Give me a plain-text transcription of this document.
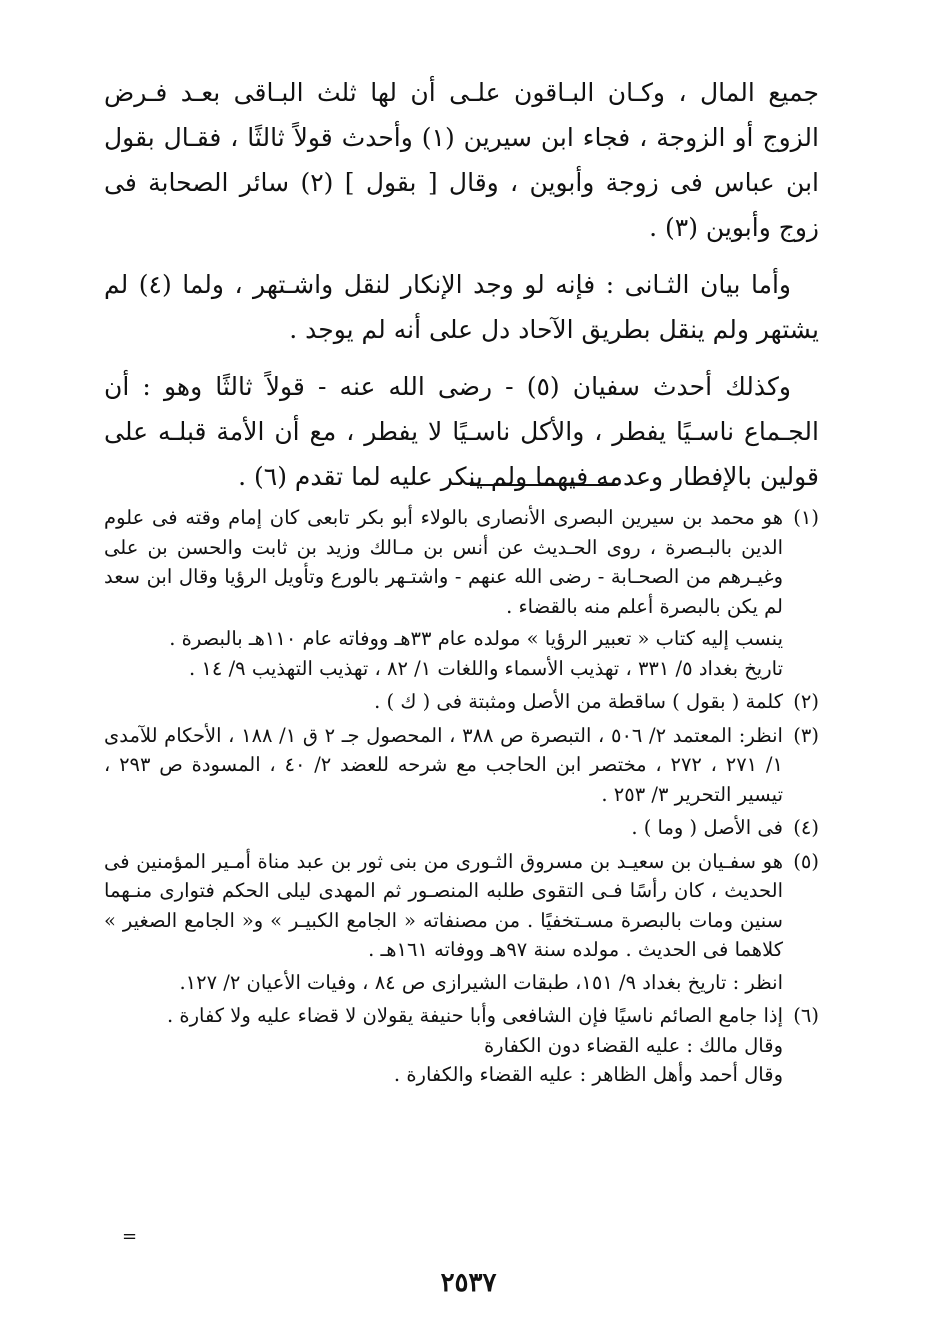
جميع المال ، وكـان البـاقون علـى أن لها ثلث البـاقى بعـد فـرض الزوج أو الزوجة ، فجاء ابن سيرين (١) وأحدث قولاً ثالثًا ، فقـال بقول ابن عباس فى زوجة وأبوين ، وقال [ بقول ] (٢) سائر الصحابة فى زوج وأبوين (٣) .

وأما بيان الثـانى : فإنه لو وجد الإنكار لنقل واشـتهر ، ولما (٤) لم يشتهر ولم ينقل بطريق الآحاد دل على أنه لم يوجد .

وكذلك أحدث سفيان (٥) - رضى الله عنه - قولاً ثالثًا وهو : أن الجـماع ناسـيًا يفطر ، والأكل ناسـيًا لا يفطر ، مع أن الأمة قبلـه على قولين بالإفطار وعدمه فيهما ولم ينكر عليه لما تقدم (٦) .

(١)
هو محمد بن سيرين البصرى الأنصارى بالولاء أبو بكر تابعى كان إمام وقته فى علوم الدين بالبـصرة ، روى الحـديث عن أنس بن مـالك وزيد بن ثابت والحسن بن على وغيـرهم من الصحـابة - رضى الله عنهم - واشتـهر بالورع وتأويل الرؤيا وقال ابن سعد لم يكن بالبصرة أعلم منه بالقضاء .
ينسب إليه كتاب « تعبير الرؤيا » مولده عام ٣٣هـ ووفاته عام ١١٠هـ بالبصرة .
تاريخ بغداد ٥/ ٣٣١ ، تهذيب الأسماء واللغات ١/ ٨٢ ، تهذيب التهذيب ٩/ ١٤ .
(٢)
كلمة ( بقول ) ساقطة من الأصل ومثبتة فى ( ك ) .
(٣)
انظر: المعتمد ٢/ ٥٠٦ ، التبصرة ص ٣٨٨ ، المحصول جـ ٢ ق ١/ ١٨٨ ، الأحكام للآمدى ١/ ٢٧١ ، ٢٧٢ ، مختصر ابن الحاجب مع شرحه للعضد ٢/ ٤٠ ، المسودة ص ٢٩٣ ، تيسير التحرير ٣/ ٢٥٣ .
(٤)
فى الأصل ( وما ) .
(٥)
هو سفـيان بن سعيـد بن مسروق الثـورى من بنى ثور بن عبد مناة أمـير المؤمنين فى الحديث ، كان رأسًا فـى التقوى طلبه المنصـور ثم المهدى ليلى الحكم فتوارى منـهما سنين ومات بالبصرة مسـتخفيًا . من مصنفاته « الجامع الكبيـر » و« الجامع الصغير » كلاهما فى الحديث . مولده سنة ٩٧هـ ووفاته ١٦١هـ .
انظر : تاريخ بغداد ٩/ ١٥١، طبقات الشيرازى ص ٨٤ ، وفيات الأعيان ٢/ ١٢٧.
(٦)
إذا جامع الصائم ناسيًا فإن الشافعى وأبا حنيفة يقولان لا قضاء عليه ولا كفارة .
وقال مالك : عليه القضاء دون الكفارة
وقال أحمد وأهل الظاهر : عليه القضاء والكفارة .
=
٢٥٣٧
